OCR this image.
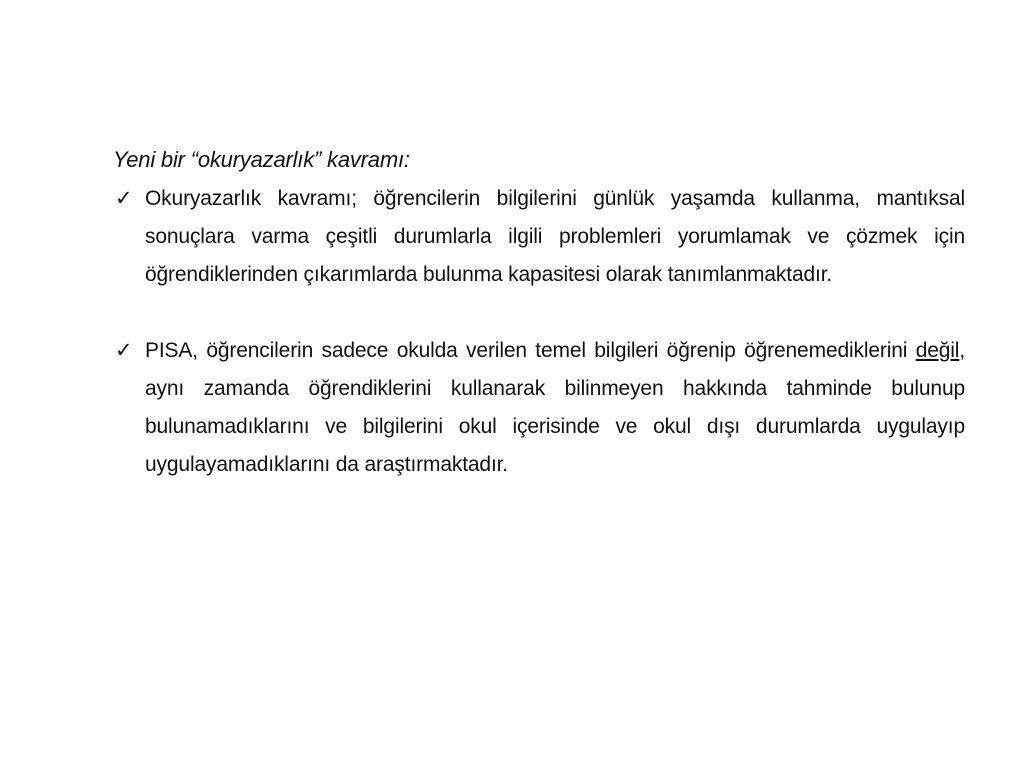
Yeni bir “okuryazarlık” kavramı:

✓ Okuryazarlık kavramı; öğrencilerin bilgilerini günlük yaşamda kullanma, mantıksal sonuçlara varma çeşitli durumlarla ilgili problemleri yorumlamak ve çözmek için öğrendiklerinden çıkarımlarda bulunma kapasitesi olarak tanımlanmaktadır.
✓ PISA, öğrencilerin sadece okulda verilen temel bilgileri öğrenip öğrenemediklerini değil, aynı zamanda öğrendiklerini kullanarak bilinmeyen hakkında tahminde bulunup bulunamadıklarını ve bilgilerini okul içerisinde ve okul dışı durumlarda uygulayıp uygulayamadıklarını da araştırmaktadır.
